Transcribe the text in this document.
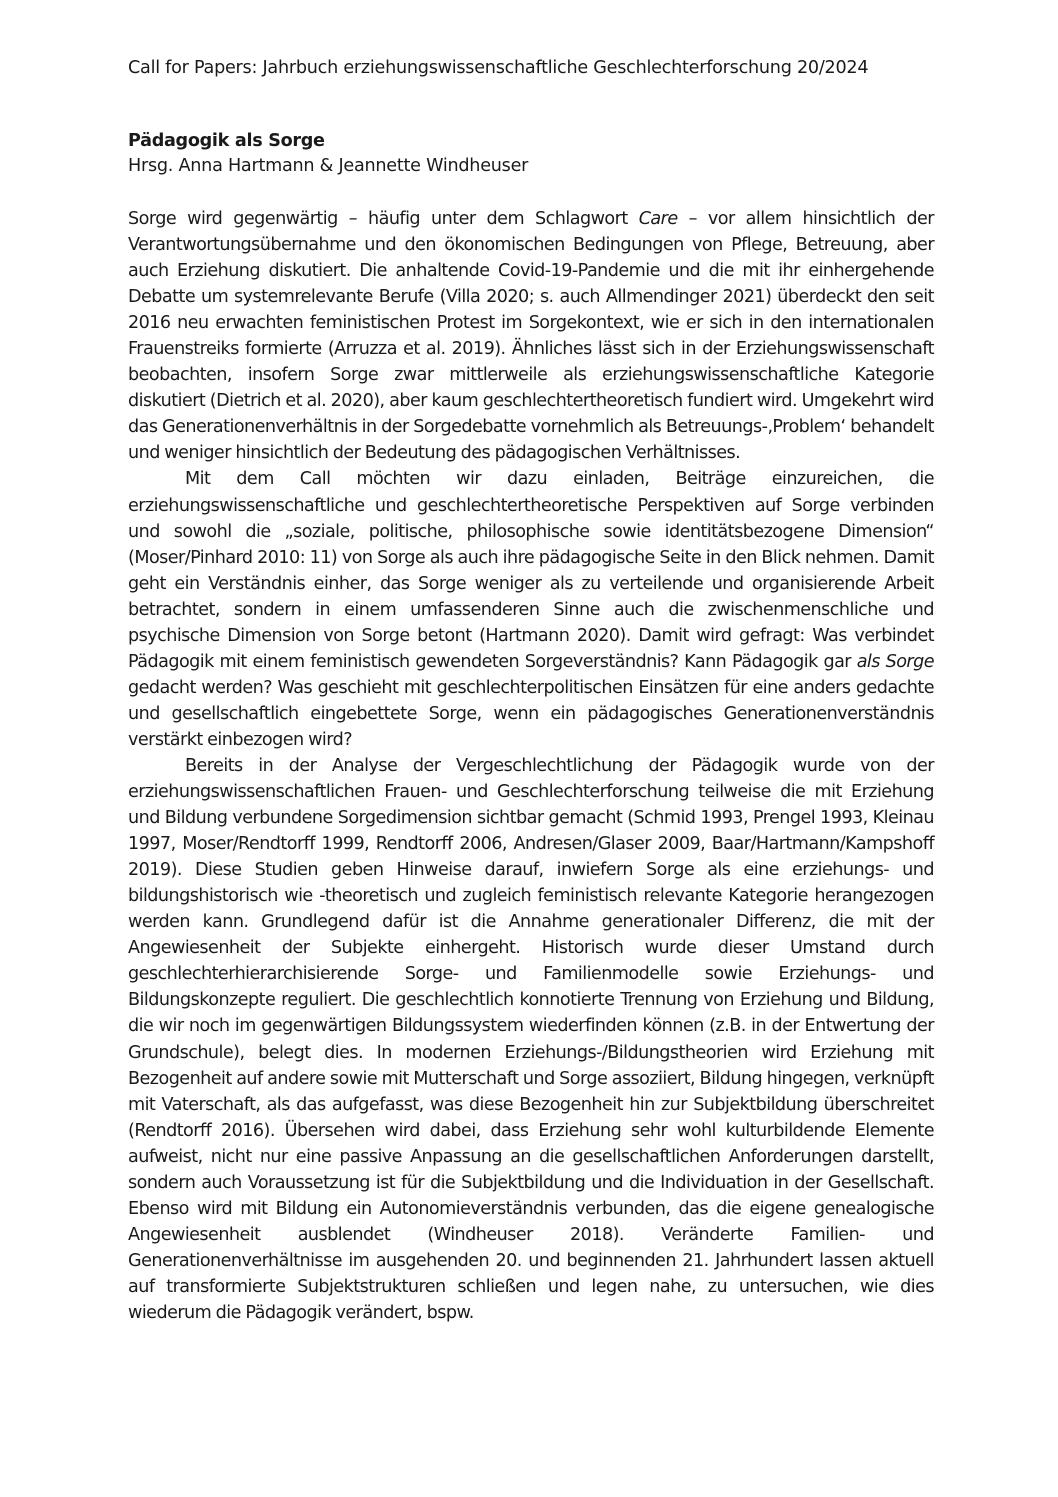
Call for Papers: Jahrbuch erziehungswissenschaftliche Geschlechterforschung 20/2024
Pädagogik als Sorge
Hrsg. Anna Hartmann & Jeannette Windheuser

Sorge wird gegenwärtig – häufig unter dem Schlagwort Care – vor allem hinsichtlich der Verantwortungsübernahme und den ökonomischen Bedingungen von Pflege, Betreuung, aber auch Erziehung diskutiert. Die anhaltende Covid-19-Pandemie und die mit ihr einhergehende Debatte um systemrelevante Berufe (Villa 2020; s. auch Allmendinger 2021) überdeckt den seit 2016 neu erwachten feministischen Protest im Sorgekontext, wie er sich in den internationalen Frauenstreiks formierte (Arruzza et al. 2019). Ähnliches lässt sich in der Erziehungswissenschaft beobachten, insofern Sorge zwar mittlerweile als erziehungswissenschaftliche Kategorie diskutiert (Dietrich et al. 2020), aber kaum geschlechtertheoretisch fundiert wird. Umgekehrt wird das Generationenverhältnis in der Sorgedebatte vornehmlich als Betreuungs-‚Problem‘ behandelt und weniger hinsichtlich der Bedeutung des pädagogischen Verhältnisses.

Mit dem Call möchten wir dazu einladen, Beiträge einzureichen, die erziehungswissenschaftliche und geschlechtertheoretische Perspektiven auf Sorge verbinden und sowohl die „soziale, politische, philosophische sowie identitätsbezogene Dimension“ (Moser/Pinhard 2010: 11) von Sorge als auch ihre pädagogische Seite in den Blick nehmen. Damit geht ein Verständnis einher, das Sorge weniger als zu verteilende und organisierende Arbeit betrachtet, sondern in einem umfassenderen Sinne auch die zwischenmenschliche und psychische Dimension von Sorge betont (Hartmann 2020). Damit wird gefragt: Was verbindet Pädagogik mit einem feministisch gewendeten Sorgeverständnis? Kann Pädagogik gar als Sorge gedacht werden? Was geschieht mit geschlechterpolitischen Einsätzen für eine anders gedachte und gesellschaftlich eingebettete Sorge, wenn ein pädagogisches Generationenverständnis verstärkt einbezogen wird?

Bereits in der Analyse der Vergeschlechtlichung der Pädagogik wurde von der erziehungswissenschaftlichen Frauen- und Geschlechterforschung teilweise die mit Erziehung und Bildung verbundene Sorgedimension sichtbar gemacht (Schmid 1993, Prengel 1993, Kleinau 1997, Moser/Rendtorff 1999, Rendtorff 2006, Andresen/Glaser 2009, Baar/Hartmann/Kampshoff 2019). Diese Studien geben Hinweise darauf, inwiefern Sorge als eine erziehungs- und bildungshistorisch wie -theoretisch und zugleich feministisch relevante Kategorie herangezogen werden kann. Grundlegend dafür ist die Annahme generationaler Differenz, die mit der Angewiesenheit der Subjekte einhergeht. Historisch wurde dieser Umstand durch geschlechterhierarchisierende Sorge- und Familienmodelle sowie Erziehungs- und Bildungskonzepte reguliert. Die geschlechtlich konnotierte Trennung von Erziehung und Bildung, die wir noch im gegenwärtigen Bildungssystem wiederfinden können (z.B. in der Entwertung der Grundschule), belegt dies. In modernen Erziehungs-/Bildungstheorien wird Erziehung mit Bezogenheit auf andere sowie mit Mutterschaft und Sorge assoziiert, Bildung hingegen, verknüpft mit Vaterschaft, als das aufgefasst, was diese Bezogenheit hin zur Subjektbildung überschreitet (Rendtorff 2016). Übersehen wird dabei, dass Erziehung sehr wohl kulturbildende Elemente aufweist, nicht nur eine passive Anpassung an die gesellschaftlichen Anforderungen darstellt, sondern auch Voraussetzung ist für die Subjektbildung und die Individuation in der Gesellschaft. Ebenso wird mit Bildung ein Autonomieverständnis verbunden, das die eigene genealogische Angewiesenheit ausblendet (Windheuser 2018). Veränderte Familien- und Generationenverhältnisse im ausgehenden 20. und beginnenden 21. Jahrhundert lassen aktuell auf transformierte Subjektstrukturen schließen und legen nahe, zu untersuchen, wie dies wiederum die Pädagogik verändert, bspw.
